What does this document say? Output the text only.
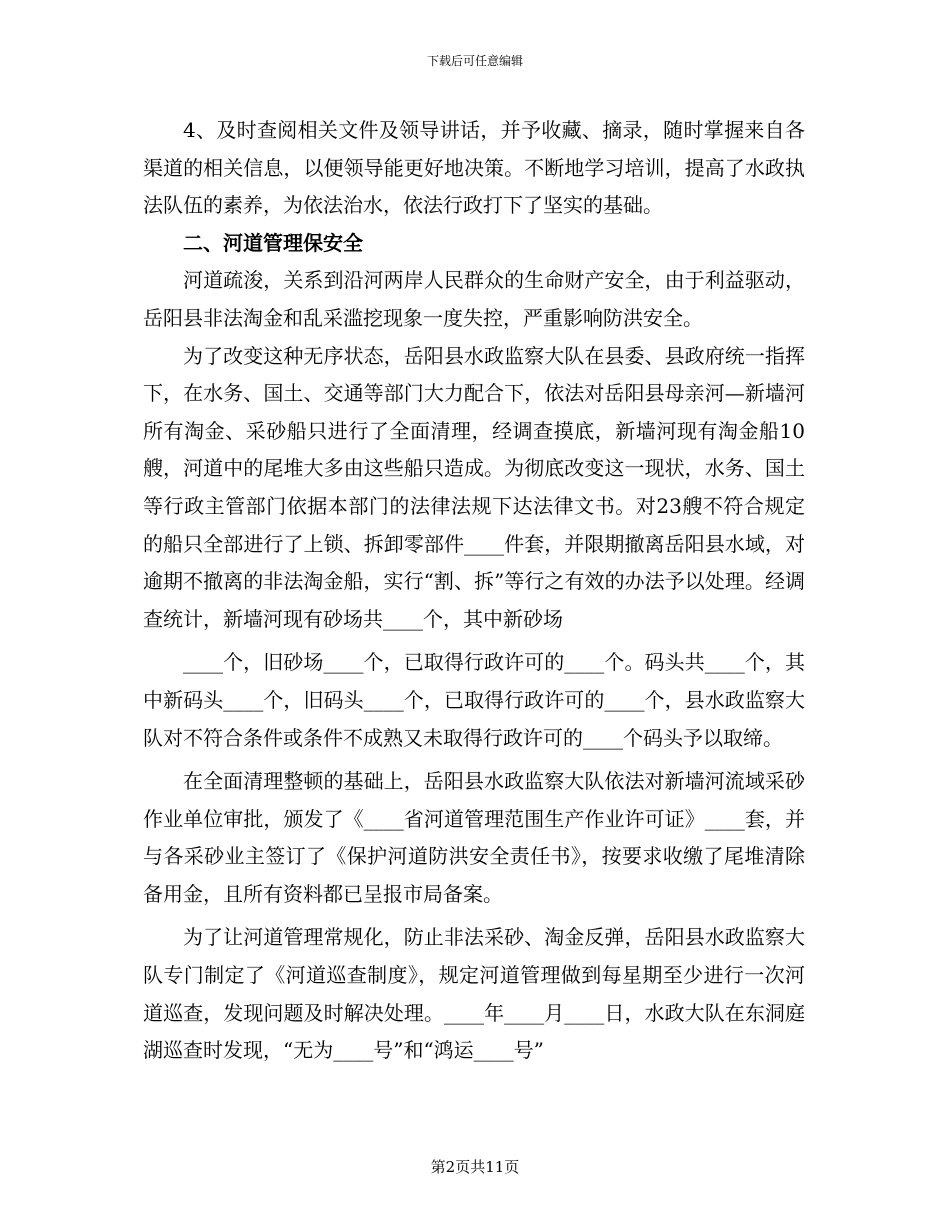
下载后可任意编辑

4、及时查阅相关文件及领导讲话，并予收藏、摘录，随时掌握来自各渠道的相关信息，以便领导能更好地决策。不断地学习培训，提高了水政执法队伍的素养，为依法治水，依法行政打下了坚实的基础。

二、河道管理保安全

河道疏浚，关系到沿河两岸人民群众的生命财产安全，由于利益驱动，岳阳县非法淘金和乱采滥挖现象一度失控，严重影响防洪安全。

为了改变这种无序状态，岳阳县水政监察大队在县委、县政府统一指挥下，在水务、国土、交通等部门大力配合下，依法对岳阳县母亲河—新墙河所有淘金、采砂船只进行了全面清理，经调查摸底，新墙河现有淘金船10艘，河道中的尾堆大多由这些船只造成。为彻底改变这一现状，水务、国土等行政主管部门依据本部门的法律法规下达法律文书。对23艘不符合规定的船只全部进行了上锁、拆卸零部件____件套，并限期撤离岳阳县水域，对逾期不撤离的非法淘金船，实行“割、拆”等行之有效的办法予以处理。经调查统计，新墙河现有砂场共____个，其中新砂场

____个，旧砂场____个，已取得行政许可的____个。码头共____个，其中新码头____个，旧码头____个，已取得行政许可的____个，县水政监察大队对不符合条件或条件不成熟又未取得行政许可的____个码头予以取缔。

在全面清理整顿的基础上，岳阳县水政监察大队依法对新墙河流域采砂作业单位审批，颁发了《____省河道管理范围生产作业许可证》____套，并与各采砂业主签订了《保护河道防洪安全责任书》，按要求收缴了尾堆清除备用金，且所有资料都已呈报市局备案。

为了让河道管理常规化，防止非法采砂、淘金反弹，岳阳县水政监察大队专门制定了《河道巡查制度》，规定河道管理做到每星期至少进行一次河道巡查，发现问题及时解决处理。____年____月____日，水政大队在东洞庭湖巡查时发现，“无为____号”和“鸿运____号”

第2页共11页
